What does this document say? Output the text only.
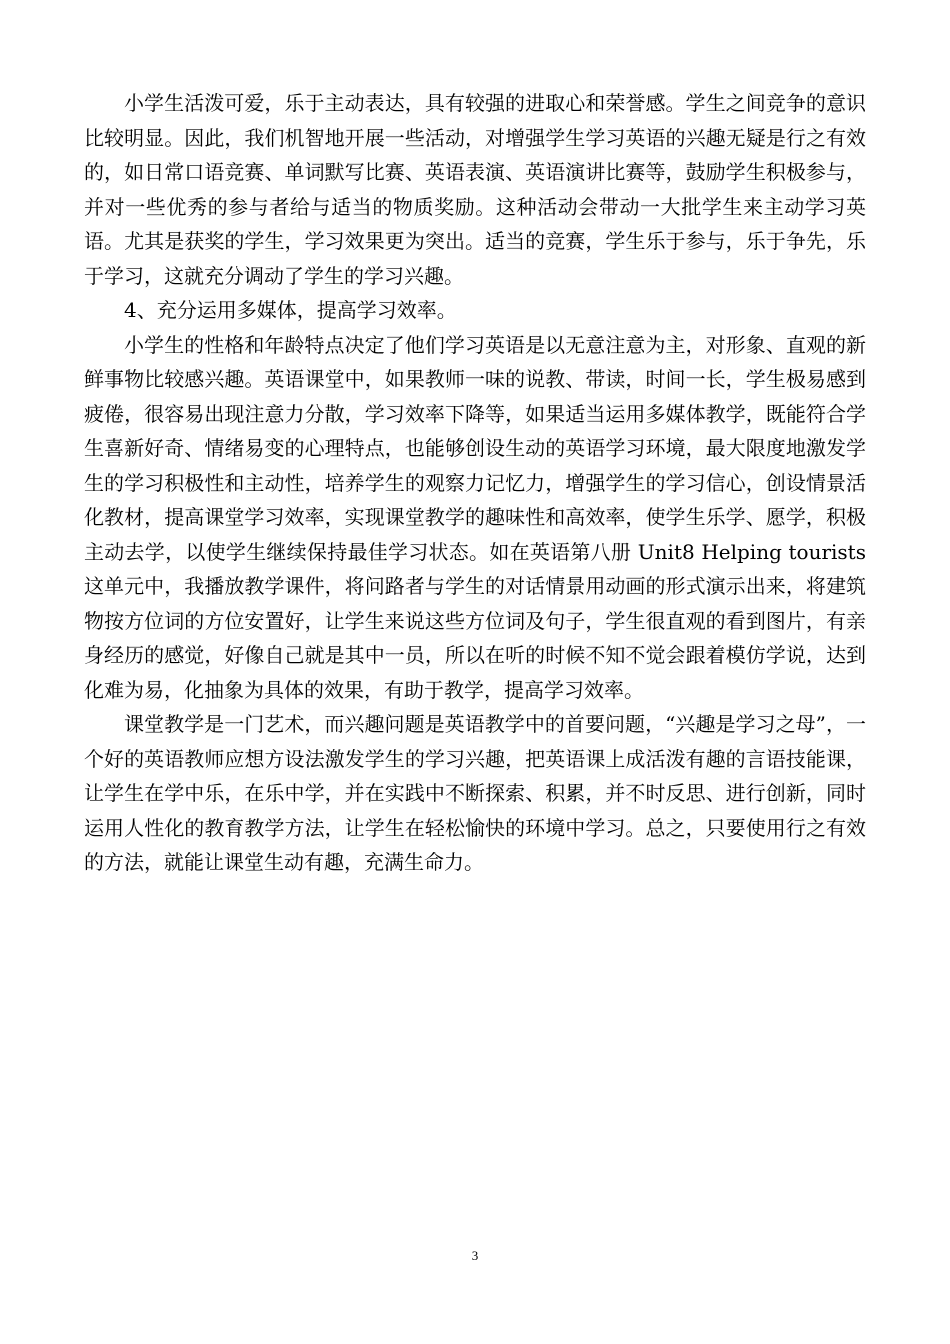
小学生活泼可爱，乐于主动表达，具有较强的进取心和荣誉感。学生之间竞争的意识比较明显。因此，我们机智地开展一些活动，对增强学生学习英语的兴趣无疑是行之有效的，如日常口语竞赛、单词默写比赛、英语表演、英语演讲比赛等，鼓励学生积极参与，并对一些优秀的参与者给与适当的物质奖励。这种活动会带动一大批学生来主动学习英语。尤其是获奖的学生，学习效果更为突出。适当的竞赛，学生乐于参与，乐于争先，乐于学习，这就充分调动了学生的学习兴趣。

4、充分运用多媒体，提高学习效率。

小学生的性格和年龄特点决定了他们学习英语是以无意注意为主，对形象、直观的新鲜事物比较感兴趣。英语课堂中，如果教师一味的说教、带读，时间一长，学生极易感到疲倦，很容易出现注意力分散，学习效率下降等，如果适当运用多媒体教学，既能符合学生喜新好奇、情绪易变的心理特点，也能够创设生动的英语学习环境，最大限度地激发学生的学习积极性和主动性，培养学生的观察力记忆力，增强学生的学习信心，创设情景活化教材，提高课堂学习效率，实现课堂教学的趣味性和高效率，使学生乐学、愿学，积极主动去学，以使学生继续保持最佳学习状态。如在英语第八册 Unit8 Helping tourists 这单元中，我播放教学课件，将问路者与学生的对话情景用动画的形式演示出来，将建筑物按方位词的方位安置好，让学生来说这些方位词及句子，学生很直观的看到图片，有亲身经历的感觉，好像自己就是其中一员，所以在听的时候不知不觉会跟着模仿学说，达到化难为易，化抽象为具体的效果，有助于教学，提高学习效率。

课堂教学是一门艺术，而兴趣问题是英语教学中的首要问题，“兴趣是学习之母”，一个好的英语教师应想方设法激发学生的学习兴趣，把英语课上成活泼有趣的言语技能课，让学生在学中乐，在乐中学，并在实践中不断探索、积累，并不时反思、进行创新，同时运用人性化的教育教学方法，让学生在轻松愉快的环境中学习。总之，只要使用行之有效的方法，就能让课堂生动有趣，充满生命力。

3
